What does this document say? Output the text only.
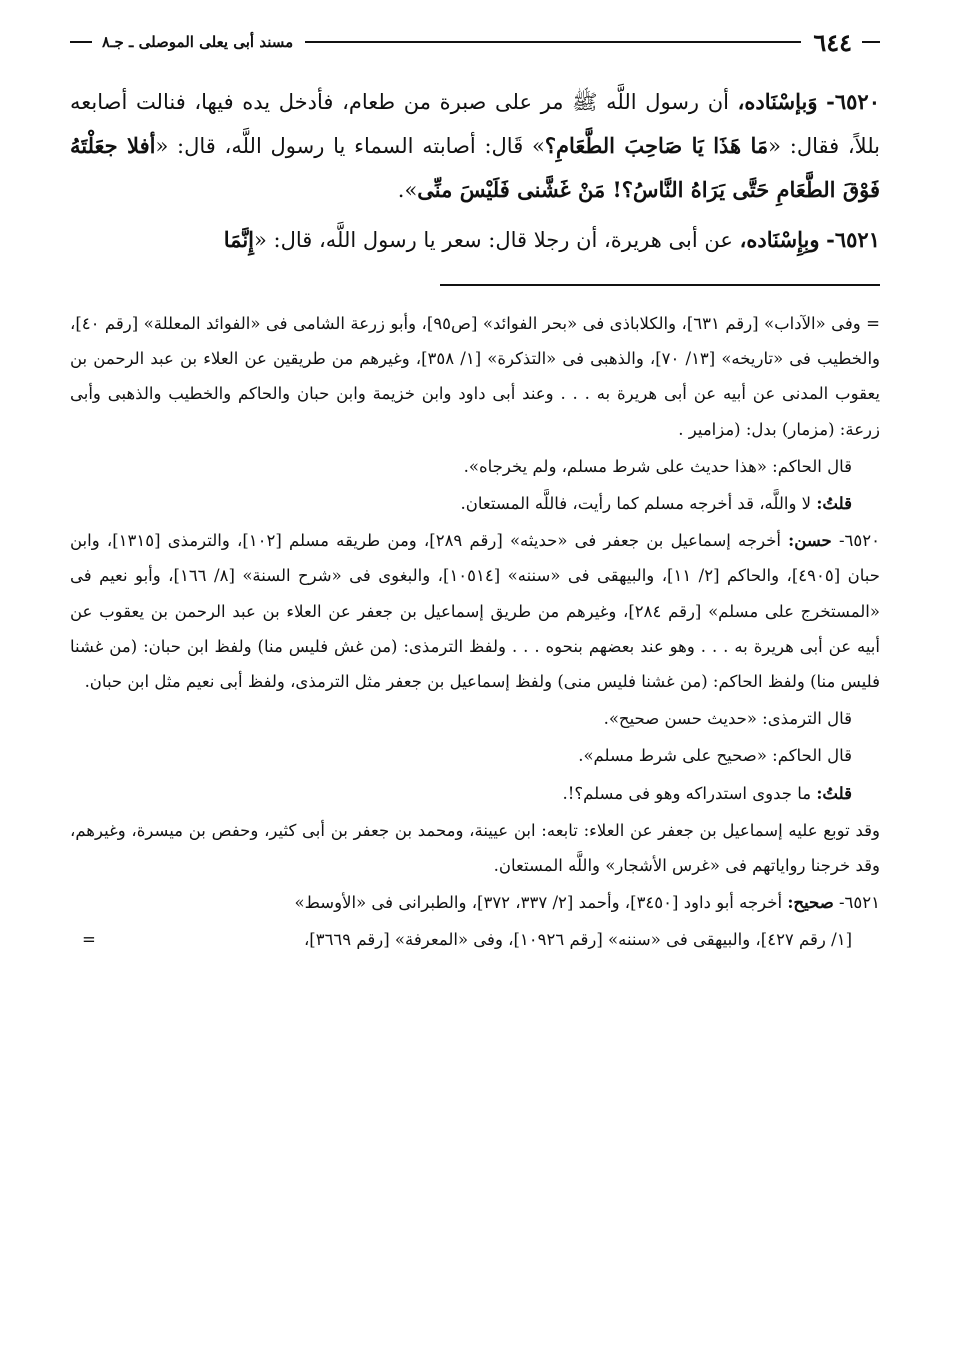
٦٤٤
مسند أبى يعلى الموصلى ـ جـ٨

٦٥٢٠- وَبإسْنَاده، أن رسول اللَّه ﷺ مر على صبرة من طعام، فأدخل يده فيها، فنالت أصابعه بللاً، فقال: «مَا هَذَا يَا صَاحِبَ الطَّعَامِ؟» قَال: أصابته السماء يا رسول اللَّه، قال: «أفلا جعَلْتَهُ فَوْقَ الطَّعَامِ حَتَّى يَرَاهُ النَّاسُ؟! مَنْ غَشَّنى فَلَيْسَ منِّى».

٦٥٢١- وبِإِسْنَاده، عن أبى هريرة، أن رجلا قال: سعر يا رسول اللَّه، قال: «إِنَّمَا

= وفى «الآداب» [رقم ٦٣١]، والكلاباذى فى «بحر الفوائد» [ص٩٥]، وأبو زرعة الشامى فى «الفوائد المعللة» [رقم ٤٠]، والخطيب فى «تاريخه» [١٣/ ٧٠]، والذهبى فى «التذكرة» [١/ ٣٥٨]، وغيرهم من طريقين عن العلاء بن عبد الرحمن بن يعقوب المدنى عن أبيه عن أبى هريرة به . . . وعند أبى داود وابن خزيمة وابن حبان والحاكم والخطيب والذهبى وأبى زرعة: (مزمار) بدل: (مزامير .

قال الحاكم: «هذا حديث على شرط مسلم، ولم يخرجاه».

قلتُ: لا واللَّه، قد أخرجه مسلم كما رأيت، فاللَّه المستعان.

٦٥٢٠- حسن: أخرجه إسماعيل بن جعفر فى «حديثه» [رقم ٢٨٩]، ومن طريقه مسلم [١٠٢]، والترمذى [١٣١٥]، وابن حبان [٤٩٠٥]، والحاكم [٢/ ١١]، والبيهقى فى «سننه» [١٠٥١٤]، والبغوى فى «شرح السنة» [٨/ ١٦٦]، وأبو نعيم فى «المستخرج على مسلم» [رقم ٢٨٤]، وغيرهم من طريق إسماعيل بن جعفر عن العلاء بن عبد الرحمن بن يعقوب عن أبيه عن أبى هريرة به . . . وهو عند بعضهم بنحوه . . . ولفظ الترمذى: (من غش فليس منا) ولفظ ابن حبان: (من غشنا فليس منا) ولفظ الحاكم: (من غشنا فليس منى) ولفظ إسماعيل بن جعفر مثل الترمذى، ولفظ أبى نعيم مثل ابن حبان.

قال الترمذى: «حديث حسن صحيح».

قال الحاكم: «صحيح على شرط مسلم».

قلتُ: ما جدوى استدراكه وهو فى مسلم؟!.

وقد توبع عليه إسماعيل بن جعفر عن العلاء: تابعه: ابن عيينة، ومحمد بن جعفر بن أبى كثير، وحفص بن ميسرة، وغيرهم، وقد خرجنا رواياتهم فى «غرس الأشجار» واللَّه المستعان.

٦٥٢١- صحيح: أخرجه أبو داود [٣٤٥٠]، وأحمد [٢/ ٣٣٧، ٣٧٢]، والطبرانى فى «الأوسط»

[١/ رقم ٤٢٧]، والبيهقى فى «سننه» [رقم ١٠٩٢٦]، وفى «المعرفة» [رقم ٣٦٦٩]،
=
